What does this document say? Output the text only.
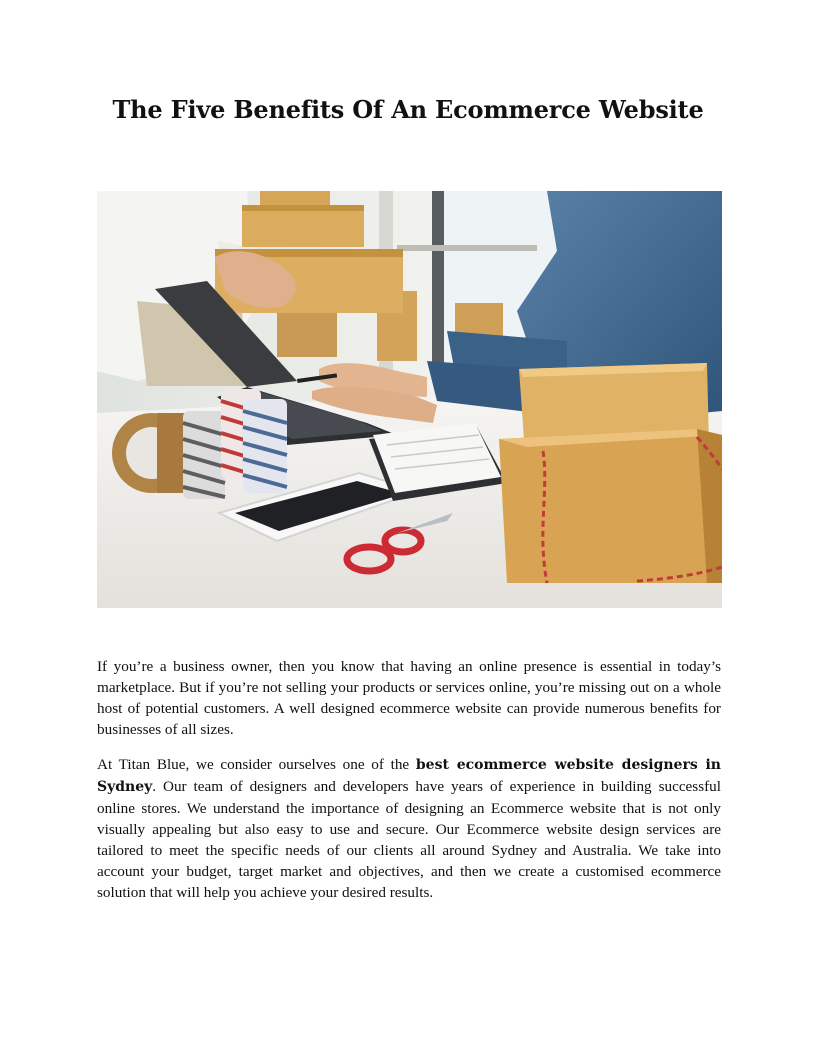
The Five Benefits Of An Ecommerce Website

If you’re a business owner, then you know that having an online presence is essential in today’s marketplace. But if you’re not selling your products or services online, you’re missing out on a whole host of potential customers. A well designed ecommerce website can provide numerous benefits for businesses of all sizes.

At Titan Blue, we consider ourselves one of the best ecommerce website designers in Sydney. Our team of designers and developers have years of experience in building successful online stores. We understand the importance of designing an Ecommerce website that is not only visually appealing but also easy to use and secure. Our Ecommerce website design services are tailored to meet the specific needs of our clients all around Sydney and Australia. We take into account your budget, target market and objectives, and then we create a customised ecommerce solution that will help you achieve your desired results.
